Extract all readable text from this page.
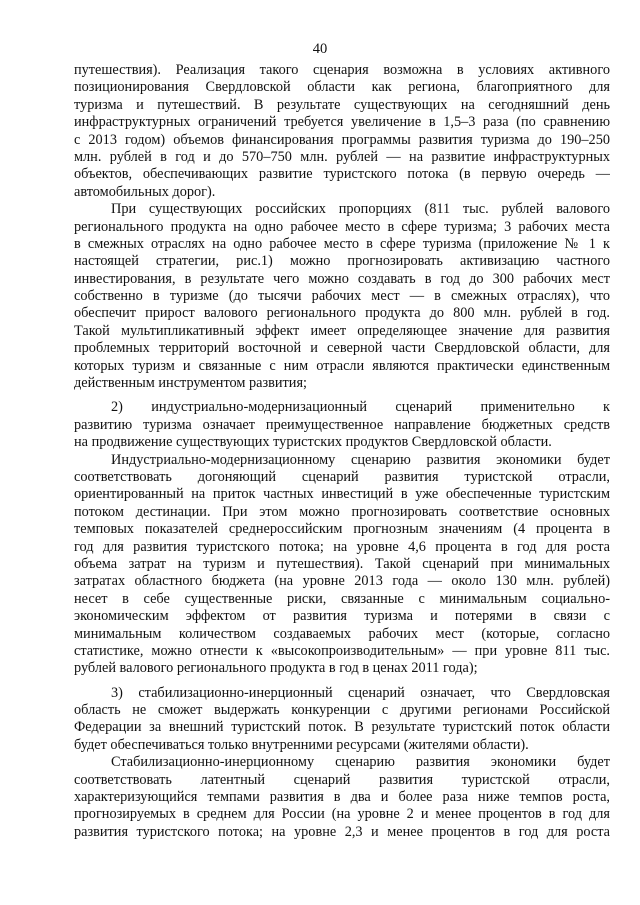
40
путешествия). Реализация такого сценария возможна в условиях активного
позиционирования Свердловской области как региона, благоприятного для
туризма и путешествий. В результате существующих на сегодняшний день
инфраструктурных ограничений требуется увеличение в 1,5–3 раза (по сравнению
с 2013 годом) объемов финансирования программы развития туризма до 190–250
млн. рублей в год и до 570–750 млн. рублей — на развитие инфраструктурных
объектов, обеспечивающих развитие туристского потока (в первую очередь —
автомобильных дорог).
При существующих российских пропорциях (811 тыс. рублей валового
регионального продукта на одно рабочее место в сфере туризма; 3 рабочих места
в смежных отраслях на одно рабочее место в сфере туризма (приложение № 1 к
настоящей стратегии, рис.1) можно прогнозировать активизацию частного
инвестирования, в результате чего можно создавать в год до 300 рабочих мест
собственно в туризме (до тысячи рабочих мест — в смежных отраслях), что
обеспечит прирост валового регионального продукта до 800 млн. рублей в год.
Такой мультипликативный эффект имеет определяющее значение для развития
проблемных территорий восточной и северной части Свердловской области, для
которых туризм и связанные с ним отрасли являются практически единственным
действенным инструментом развития;
2) индустриально-модернизационный сценарий применительно к
развитию туризма означает преимущественное направление бюджетных средств
на продвижение существующих туристских продуктов Свердловской области.
Индустриально-модернизационному сценарию развития экономики будет
соответствовать догоняющий сценарий развития туристской отрасли,
ориентированный на приток частных инвестиций в уже обеспеченные туристским
потоком дестинации. При этом можно прогнозировать соответствие основных
темповых показателей среднероссийским прогнозным значениям (4 процента в
год для развития туристского потока; на уровне 4,6 процента в год для роста
объема затрат на туризм и путешествия). Такой сценарий при минимальных
затратах областного бюджета (на уровне 2013 года — около 130 млн. рублей)
несет в себе существенные риски, связанные с минимальным социально-
экономическим эффектом от развития туризма и потерями в связи с
минимальным количеством создаваемых рабочих мест (которые, согласно
статистике, можно отнести к «высокопроизводительным» — при уровне 811 тыс.
рублей валового регионального продукта в год в ценах 2011 года);
3) стабилизационно-инерционный сценарий означает, что Свердловская
область не сможет выдержать конкуренции с другими регионами Российской
Федерации за внешний туристский поток. В результате туристский поток области
будет обеспечиваться только внутренними ресурсами (жителями области).
Стабилизационно-инерционному сценарию развития экономики будет
соответствовать латентный сценарий развития туристской отрасли,
характеризующийся темпами развития в два и более раза ниже темпов роста,
прогнозируемых в среднем для России (на уровне 2 и менее процентов в год для
развития туристского потока; на уровне 2,3 и менее процентов в год для роста
